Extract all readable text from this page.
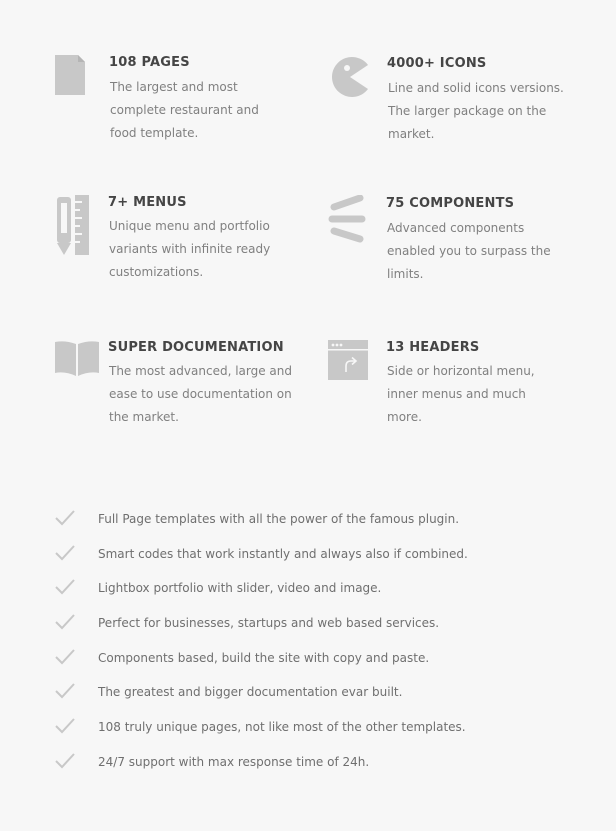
108 PAGES

The largest and most complete restaurant and food template.

4000+ ICONS

Line and solid icons versions. The larger package on the market.

7+ MENUS

Unique menu and portfolio variants with infinite ready customizations.

75 COMPONENTS

Advanced components enabled you to surpass the limits.

SUPER DOCUMENATION

The most advanced, large and ease to use documentation on the market.

13 HEADERS

Side or horizontal menu, inner menus and much more.

Full Page templates with all the power of the famous plugin.
Smart codes that work instantly and always also if combined.
Lightbox portfolio with slider, video and image.
Perfect for businesses, startups and web based services.
Components based, build the site with copy and paste.
The greatest and bigger documentation evar built.
108 truly unique pages, not like most of the other templates.
24/7 support with max response time of 24h.
